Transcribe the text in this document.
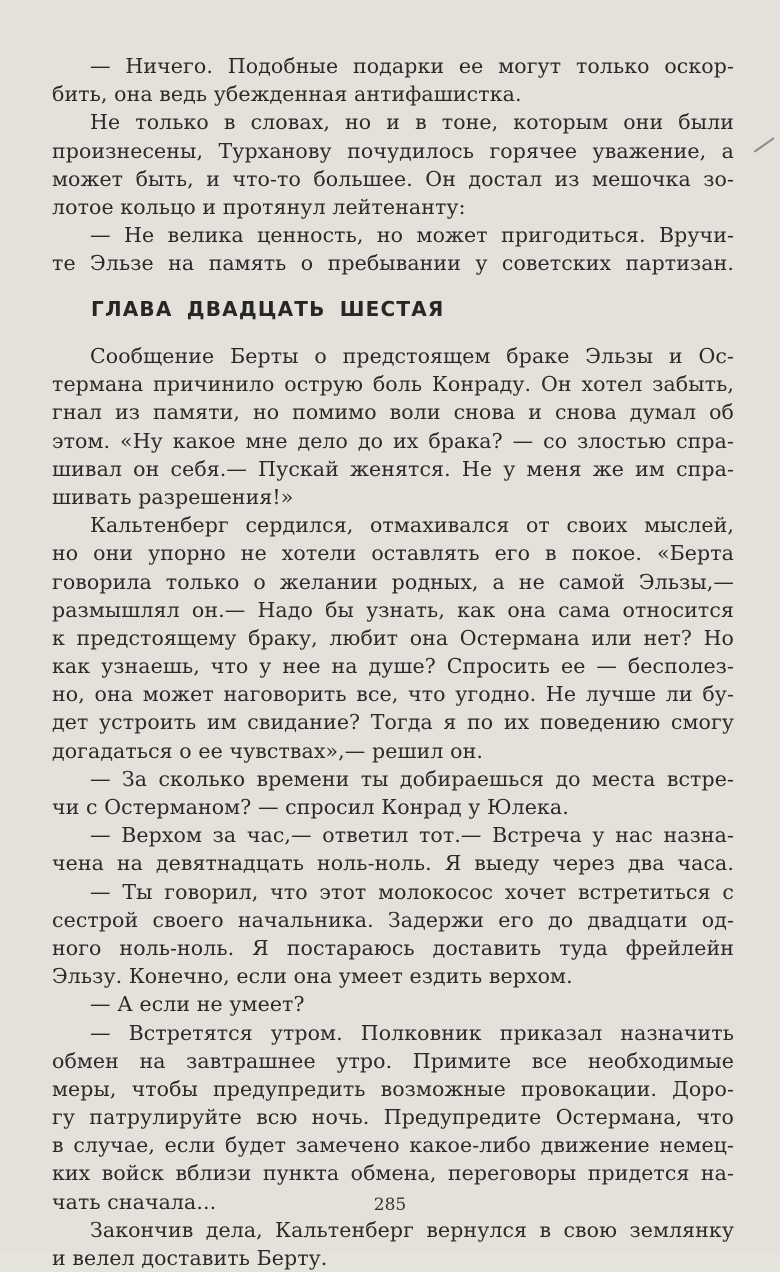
— Ничего. Подобные подарки ее могут только оскор-
бить, она ведь убежденная антифашистка.
Не только в словах, но и в тоне, которым они были
произнесены, Турханову почудилось горячее уважение, а
может быть, и что-то большее. Он достал из мешочка зо-
лотое кольцо и протянул лейтенанту:
— Не велика ценность, но может пригодиться. Вручи-
те Эльзе на память о пребывании у советских партизан.
ГЛАВА ДВАДЦАТЬ ШЕСТАЯ
Сообщение Берты о предстоящем браке Эльзы и Ос-
термана причинило острую боль Конраду. Он хотел забыть,
гнал из памяти, но помимо воли снова и снова думал об
этом. «Ну какое мне дело до их брака? — со злостью спра-
шивал он себя.— Пускай женятся. Не у меня же им спра-
шивать разрешения!»
Кальтенберг сердился, отмахивался от своих мыслей,
но они упорно не хотели оставлять его в покое. «Берта
говорила только о желании родных, а не самой Эльзы,—
размышлял он.— Надо бы узнать, как она сама относится
к предстоящему браку, любит она Остермана или нет? Но
как узнаешь, что у нее на душе? Спросить ее — бесполез-
но, она может наговорить все, что угодно. Не лучше ли бу-
дет устроить им свидание? Тогда я по их поведению смогу
догадаться о ее чувствах»,— решил он.
— За сколько времени ты добираешься до места встре-
чи с Остерманом? — спросил Конрад у Юлека.
— Верхом за час,— ответил тот.— Встреча у нас назна-
чена на девятнадцать ноль-ноль. Я выеду через два часа.
— Ты говорил, что этот молокосос хочет встретиться с
сестрой своего начальника. Задержи его до двадцати од-
ного ноль-ноль. Я постараюсь доставить туда фрейлейн
Эльзу. Конечно, если она умеет ездить верхом.
— А если не умеет?
— Встретятся утром. Полковник приказал назначить
обмен на завтрашнее утро. Примите все необходимые
меры, чтобы предупредить возможные провокации. Доро-
гу патрулируйте всю ночь. Предупредите Остермана, что
в случае, если будет замечено какое-либо движение немец-
ких войск вблизи пункта обмена, переговоры придется на-
чать сначала...
Закончив дела, Кальтенберг вернулся в свою землянку
и велел доставить Берту.
285
